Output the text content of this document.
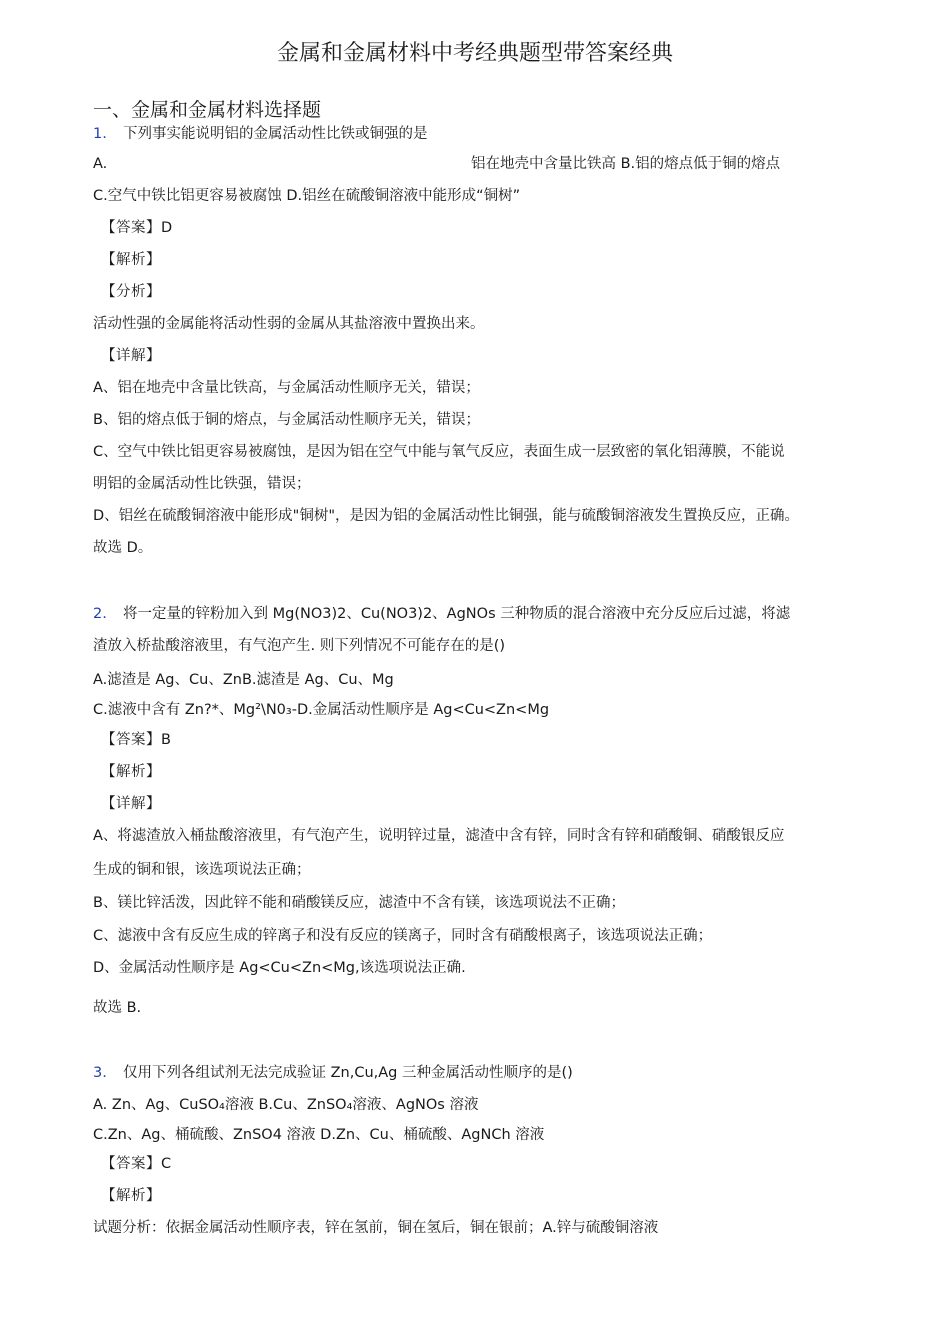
金属和金属材料中考经典题型带答案经典
一、金属和金属材料选择题
1. 下列事实能说明铝的金属活动性比铁或铜强的是
A.	铝在地壳中含量比铁高 B.铝的熔点低于铜的熔点
C.空气中铁比铝更容易被腐蚀 D.铝丝在硫酸铜溶液中能形成“铜树”
【答案】D
【解析】
【分析】
活动性强的金属能将活动性弱的金属从其盐溶液中置换出来。
【详解】
A、铝在地壳中含量比铁高，与金属活动性顺序无关，错误；
B、铝的熔点低于铜的熔点，与金属活动性顺序无关，错误；
C、空气中铁比铝更容易被腐蚀，是因为铝在空气中能与氧气反应，表面生成一层致密的氧化铝薄膜，不能说
明铝的金属活动性比铁强，错误；
D、铝丝在硫酸铜溶液中能形成"铜树"，是因为铝的金属活动性比铜强，能与硫酸铜溶液发生置换反应，正确。
故选 D。
2. 将一定量的锌粉加入到 Mg(NO3)2、Cu(NO3)2、AgNOs 三种物质的混合溶液中充分反应后过滤，将滤
渣放入桥盐酸溶液里，有气泡产生. 则下列情况不可能存在的是()
A.滤渣是 Ag、Cu、ZnB.滤渣是 Ag、Cu、Mg
C.滤液中含有 Zn?*、Mg²\N0₃-D.金属活动性顺序是 Ag<Cu<Zn<Mg
【答案】B
【解析】
【详解】
A、将滤渣放入桶盐酸溶液里，有气泡产生，说明锌过量，滤渣中含有锌，同时含有锌和硝酸铜、硝酸银反应
生成的铜和银，该选项说法正确；
B、镁比锌活泼，因此锌不能和硝酸镁反应，滤渣中不含有镁，该选项说法不正确；
C、滤液中含有反应生成的锌离子和没有反应的镁离子，同时含有硝酸根离子，该选项说法正确；
D、金属活动性顺序是 Ag<Cu<Zn<Mg,该选项说法正确.
故选 B.
3. 仅用下列各组试剂无法完成验证 Zn,Cu,Ag 三种金属活动性顺序的是()
A. Zn、Ag、CuSO₄溶液 B.Cu、ZnSO₄溶液、AgNOs 溶液
C.Zn、Ag、桶硫酸、ZnSO4 溶液 D.Zn、Cu、桶硫酸、AgNCh 溶液
【答案】C
【解析】
试题分析：依据金属活动性顺序表，锌在氢前，铜在氢后，铜在银前；A.锌与硫酸铜溶液
